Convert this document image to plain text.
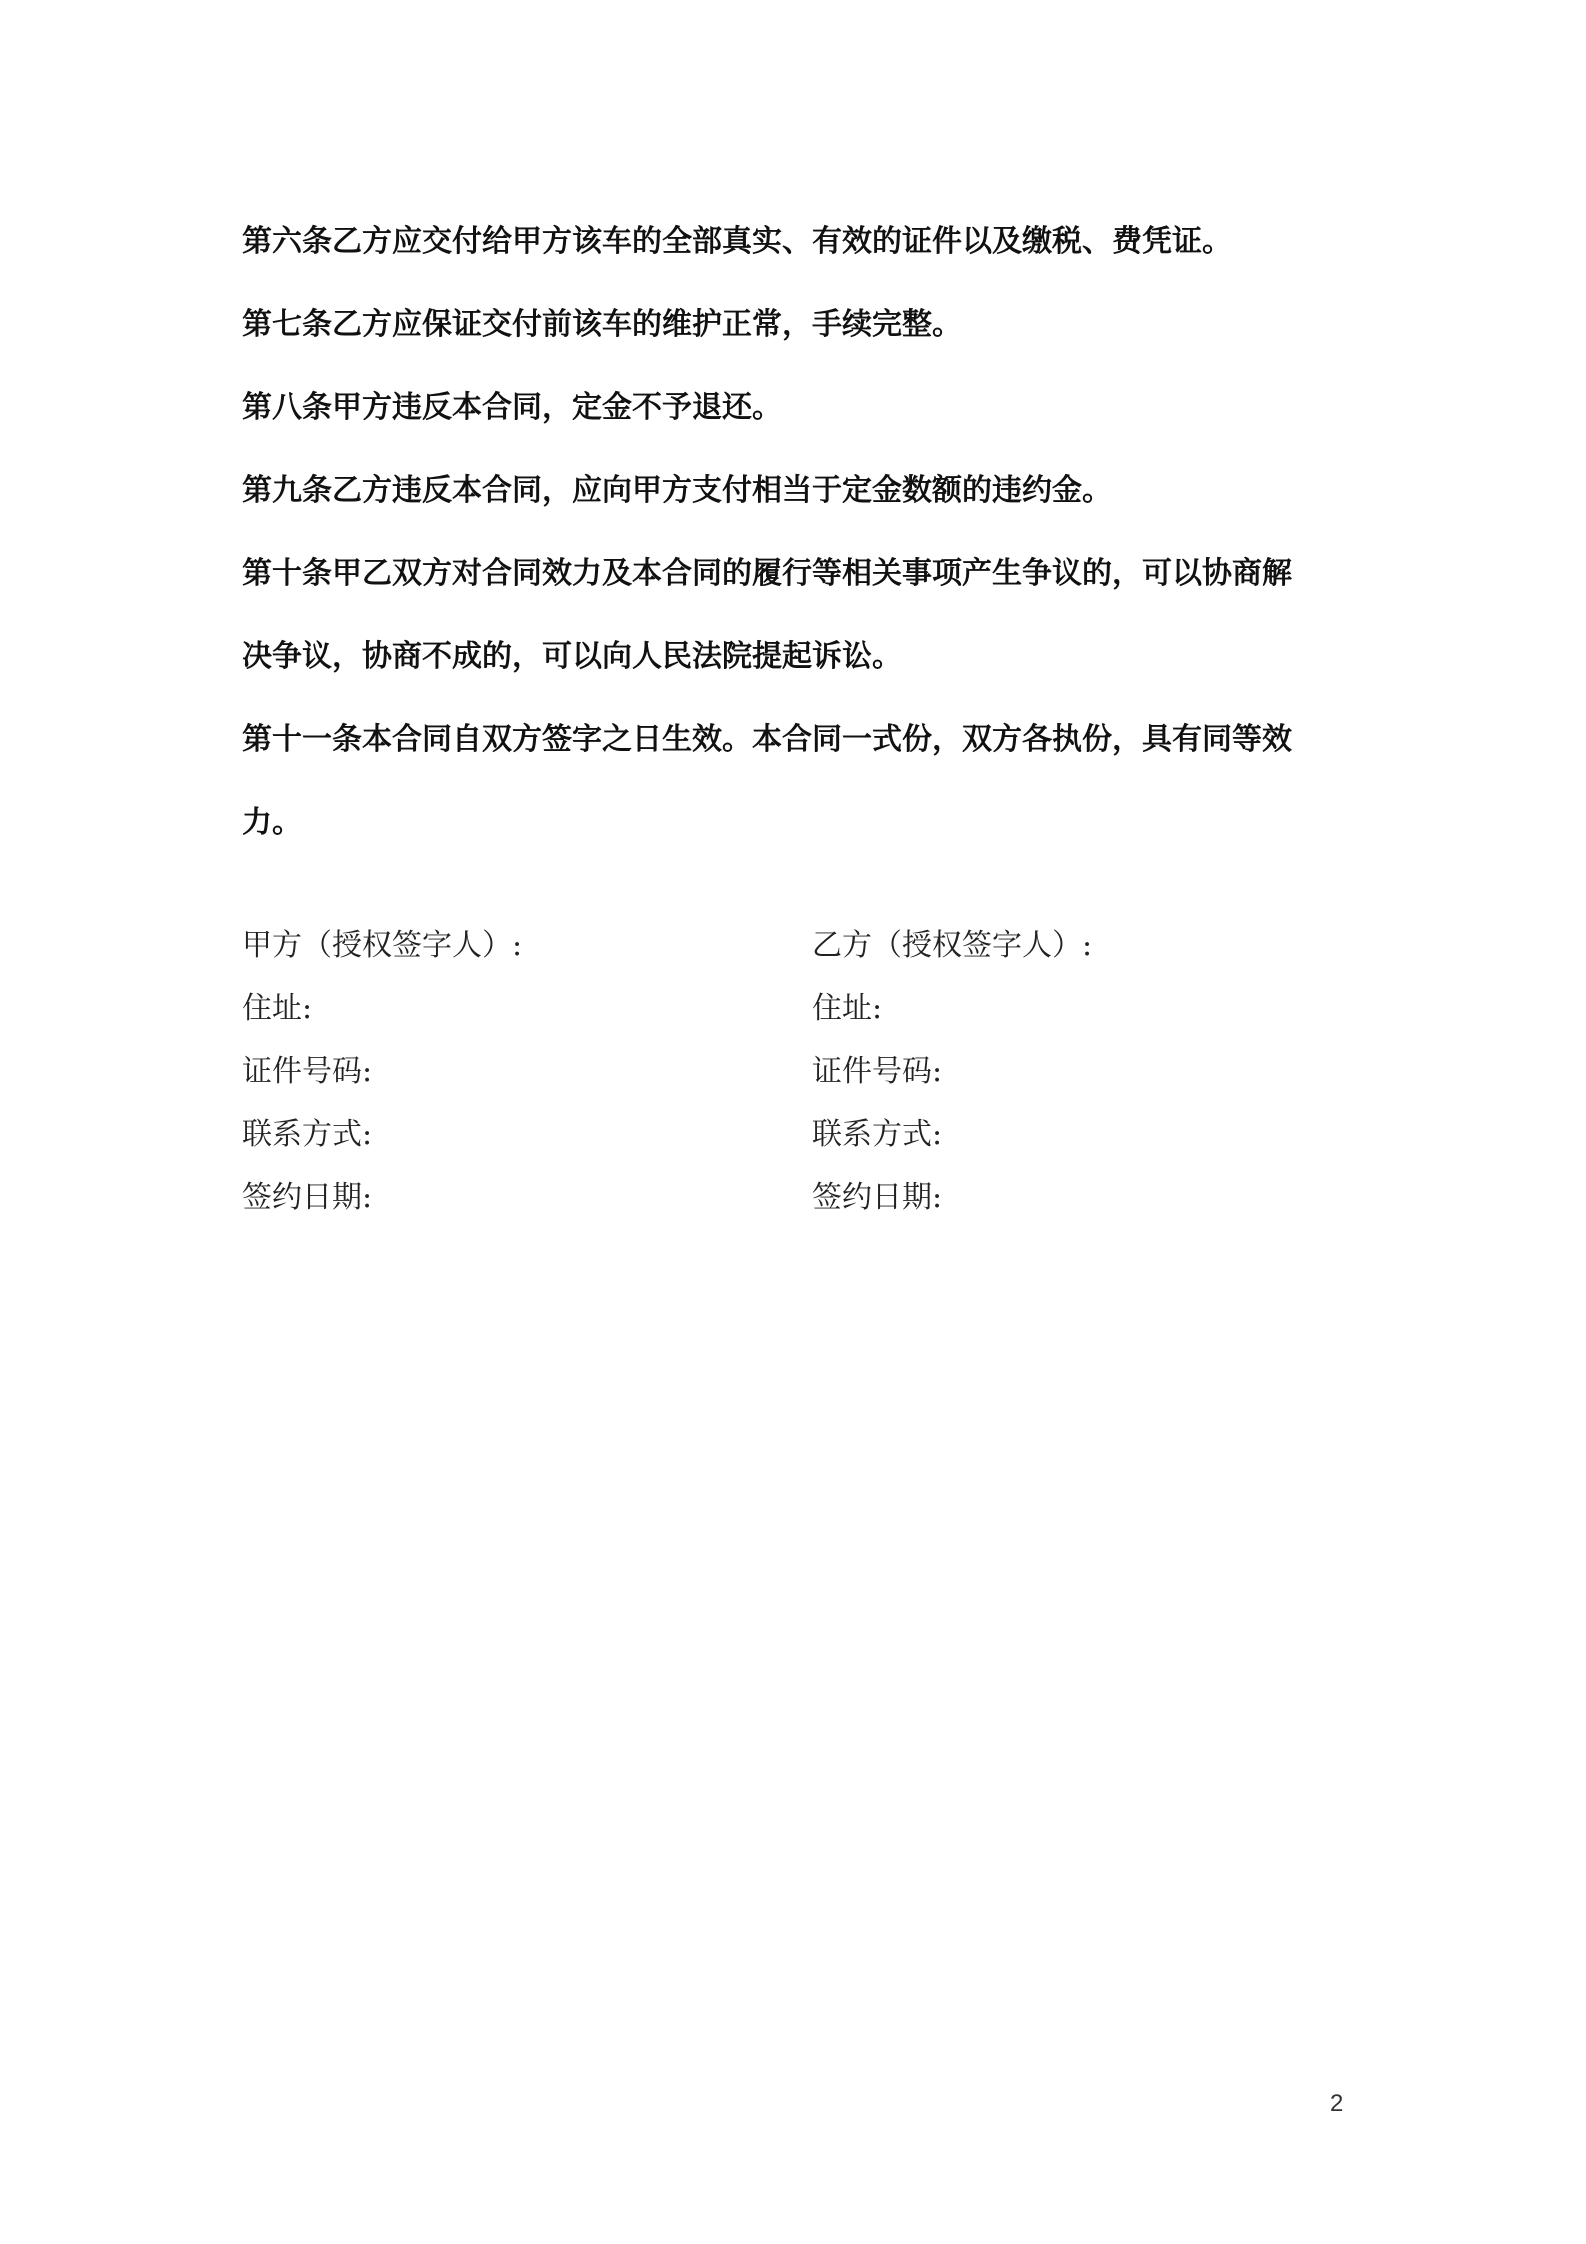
第六条乙方应交付给甲方该车的全部真实、有效的证件以及缴税、费凭证。

第七条乙方应保证交付前该车的维护正常，手续完整。

第八条甲方违反本合同，定金不予退还。

第九条乙方违反本合同，应向甲方支付相当于定金数额的违约金。

第十条甲乙双方对合同效力及本合同的履行等相关事项产生争议的，可以协商解
决争议，协商不成的，可以向人民法院提起诉讼。

第十一条本合同自双方签字之日生效。本合同一式份，双方各执份，具有同等效
力。

甲方（授权签字人）:	乙方（授权签字人）:
住址:	住址:
证件号码:	证件号码:
联系方式:	联系方式:
签约日期:	签约日期:
2
